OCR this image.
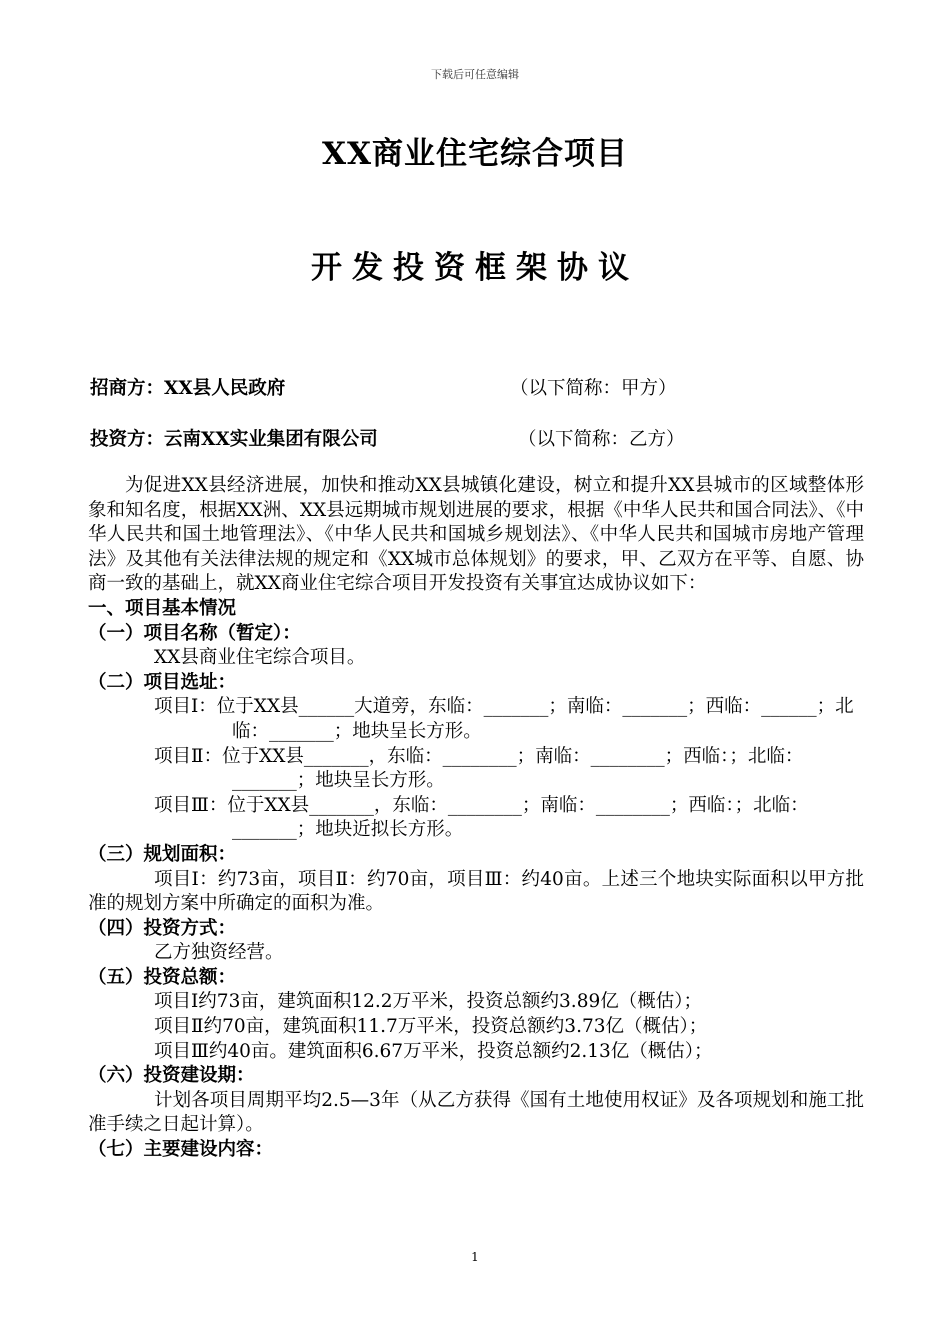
下载后可任意编辑
XX商业住宅综合项目
开发投资框架协议
招商方：XX县人民政府	（以下简称：甲方）
投资方：云南XX实业集团有限公司	（以下简称：乙方）

为促进XX县经济进展，加快和推动XX县城镇化建设，树立和提升XX县城市的区域整体形象和知名度，根据XX洲、XX县远期城市规划进展的要求，根据《中华人民共和国合同法》、《中华人民共和国土地管理法》、《中华人民共和国城乡规划法》、《中华人民共和国城市房地产管理法》及其他有关法律法规的规定和《XX城市总体规划》的要求，甲、乙双方在平等、自愿、协商一致的基础上，就XX商业住宅综合项目开发投资有关事宜达成协议如下：

一、项目基本情况

（一）项目名称（暂定）：

XX县商业住宅综合项目。

（二）项目选址：

项目Ⅰ：位于XX县______大道旁，东临：_______；南临：_______；西临：______；北临：_______；地块呈长方形。

项目Ⅱ：位于XX县_______，东临：________；南临：________；西临：；北临：_______；地块呈长方形。

项目Ⅲ：位于XX县_______，东临：________；南临：________；西临：；北临：_______；地块近拟长方形。

（三）规划面积：

项目Ⅰ：约73亩，项目Ⅱ：约70亩，项目Ⅲ：约40亩。上述三个地块实际面积以甲方批准的规划方案中所确定的面积为准。

（四）投资方式：

乙方独资经营。

（五）投资总额：

项目Ⅰ约73亩，建筑面积12.2万平米，投资总额约3.89亿（概估）；

项目Ⅱ约70亩，建筑面积11.7万平米，投资总额约3.73亿（概估）；

项目Ⅲ约40亩。建筑面积6.67万平米，投资总额约2.13亿（概估）；

（六）投资建设期：

计划各项目周期平均2.5—3年（从乙方获得《国有土地使用权证》及各项规划和施工批准手续之日起计算）。

（七）主要建设内容：

1
